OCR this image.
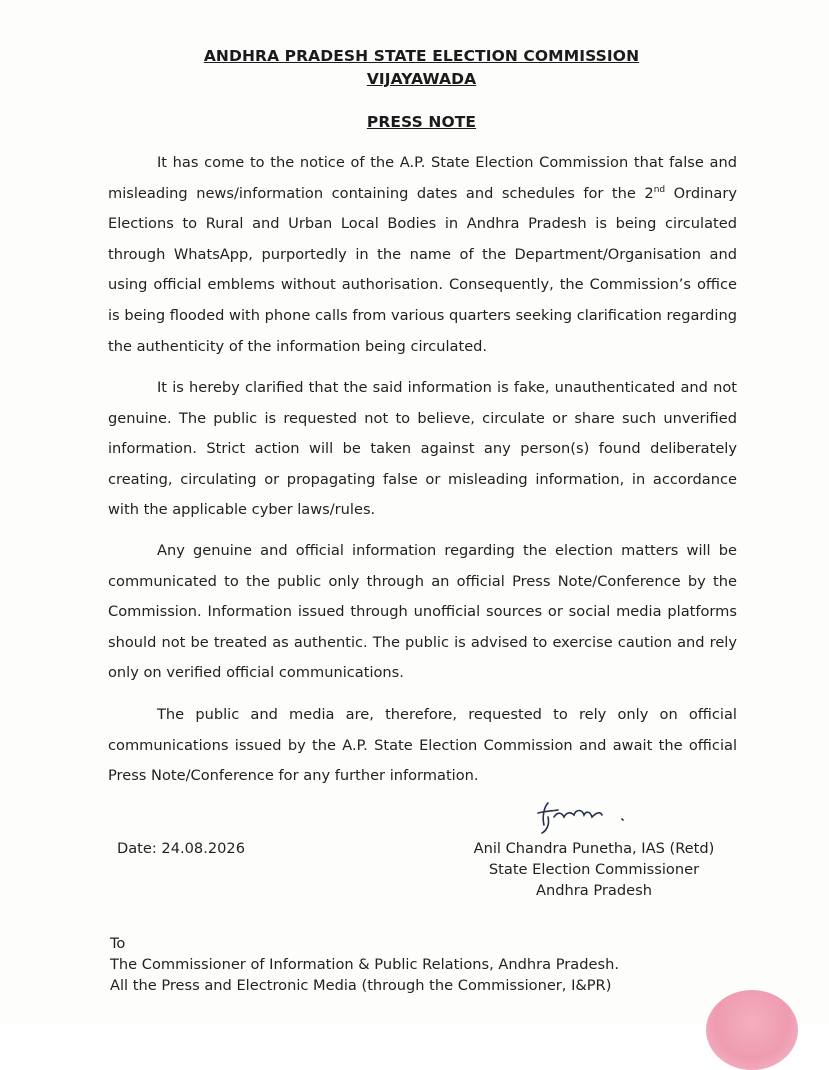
ANDHRA PRADESH STATE ELECTION COMMISSION
VIJAYAWADA
PRESS NOTE
It has come to the notice of the A.P. State Election Commission that false and misleading news/information containing dates and schedules for the 2nd Ordinary Elections to Rural and Urban Local Bodies in Andhra Pradesh is being circulated through WhatsApp, purportedly in the name of the Department/Organisation and using official emblems without authorisation. Consequently, the Commission’s office is being flooded with phone calls from various quarters seeking clarification regarding the authenticity of the information being circulated.
It is hereby clarified that the said information is fake, unauthenticated and not genuine. The public is requested not to believe, circulate or share such unverified information. Strict action will be taken against any person(s) found deliberately creating, circulating or propagating false or misleading information, in accordance with the applicable cyber laws/rules.
Any genuine and official information regarding the election matters will be communicated to the public only through an official Press Note/Conference by the Commission. Information issued through unofficial sources or social media platforms should not be treated as authentic. The public is advised to exercise caution and rely only on verified official communications.
The public and media are, therefore, requested to rely only on official communications issued by the A.P. State Election Commission and await the official Press Note/Conference for any further information.
Date: 24.08.2026	Anil Chandra Punetha, IAS (Retd)
State Election Commissioner
Andhra Pradesh
To
The Commissioner of Information & Public Relations, Andhra Pradesh.
All the Press and Electronic Media (through the Commissioner, I&PR)
